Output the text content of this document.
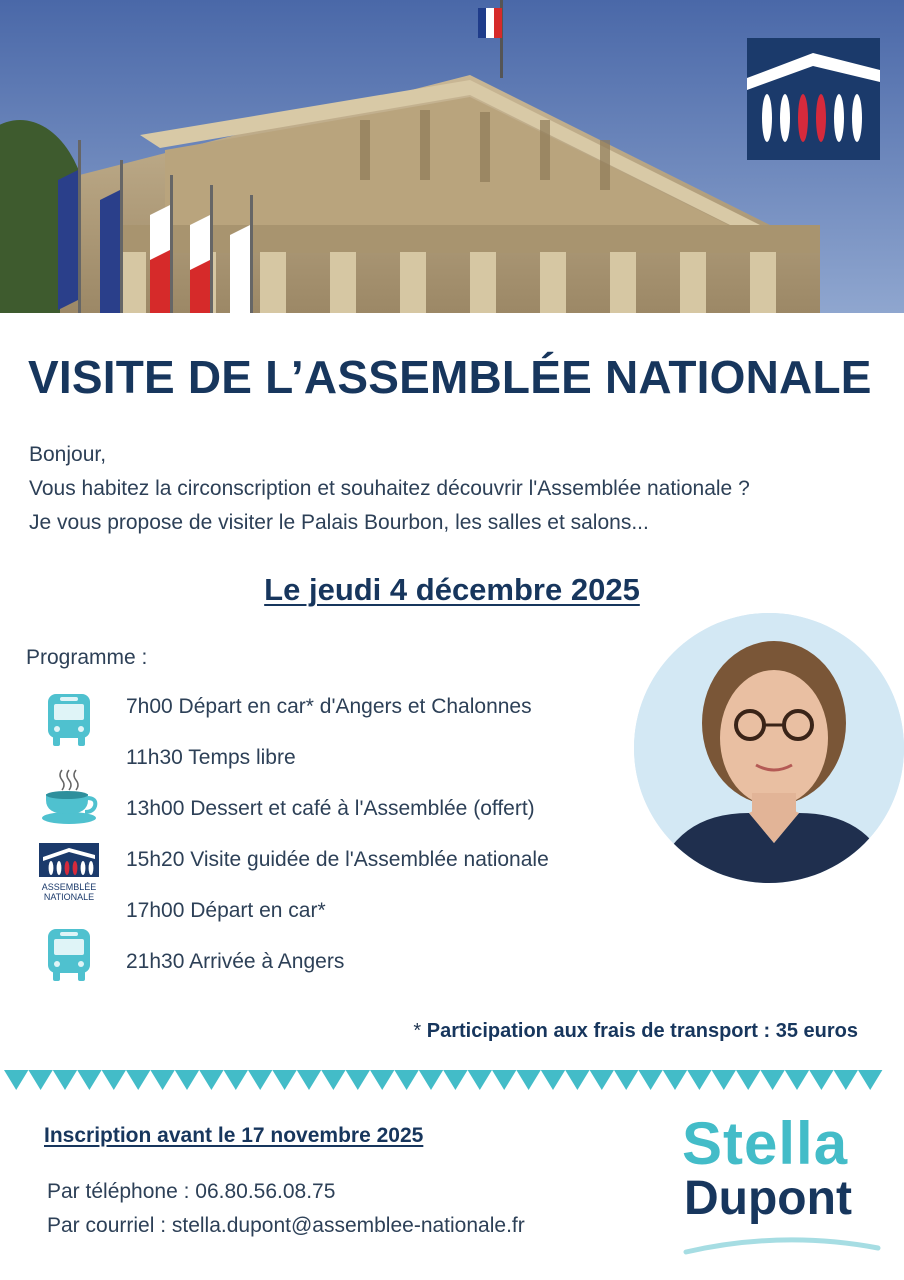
VISITE DE L’ASSEMBLÉE NATIONALE
Bonjour,
Vous habitez la circonscription et souhaitez découvrir l'Assemblée nationale ?
Je vous propose de visiter le Palais Bourbon, les salles et salons...
Le jeudi 4 décembre 2025
Programme :
7h00 Départ en car* d'Angers et Chalonnes
11h30 Temps libre
13h00 Dessert et café à l'Assemblée (offert)
ASSEMBLÉE
NATIONALE
15h20 Visite guidée de l'Assemblée nationale
17h00 Départ en car*
21h30 Arrivée à Angers
* Participation aux frais de transport : 35 euros
Inscription avant le 17 novembre 2025
Par téléphone : 06.80.56.08.75
Par courriel : stella.dupont@assemblee-nationale.fr
Stella
Dupont
